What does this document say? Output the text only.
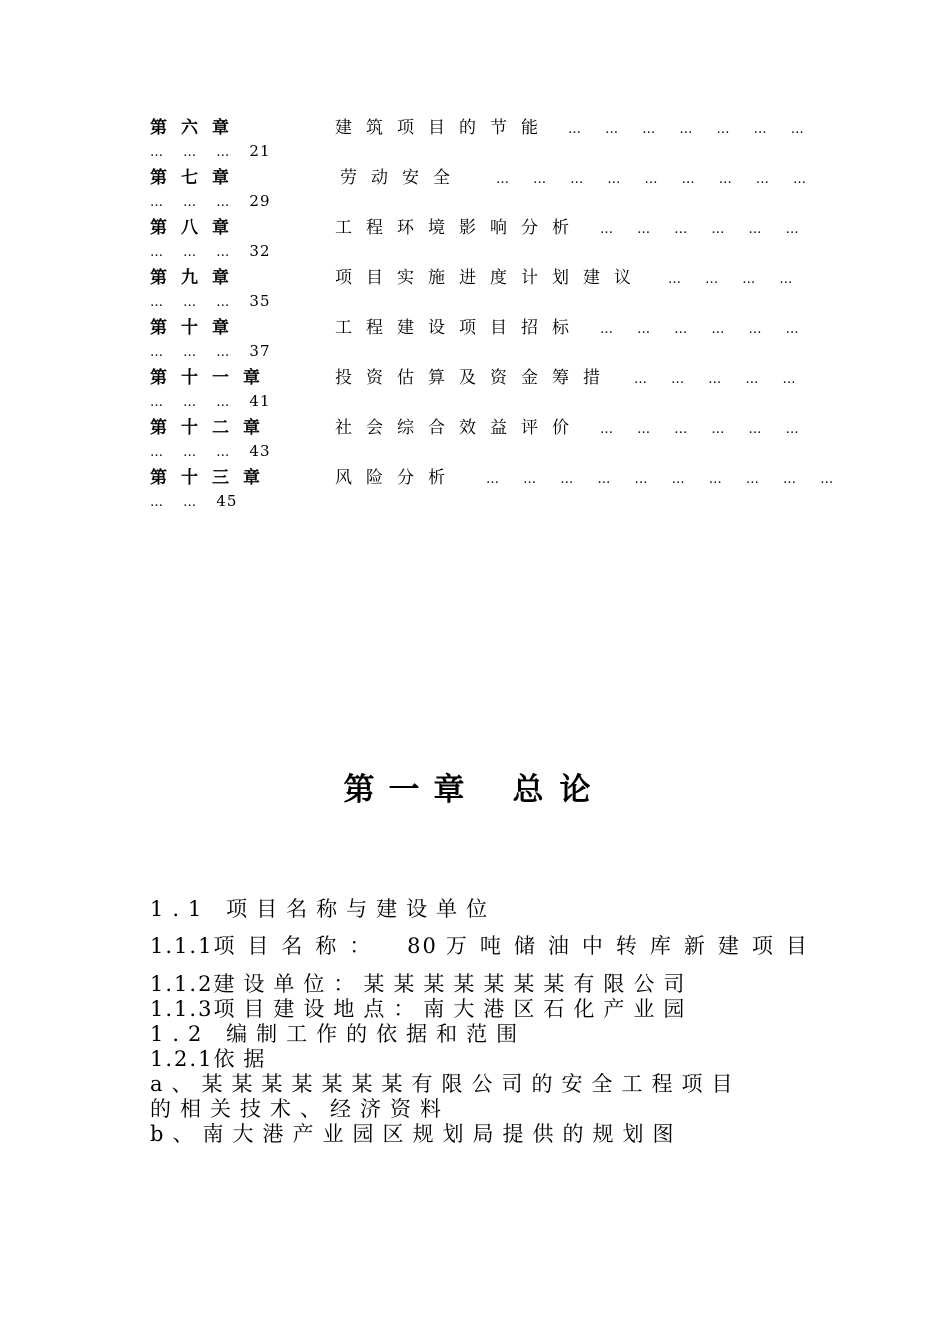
第六章	建筑项目的节能 … … … … … … …
… … … 21
第七章	劳动安全 … … … … … … … … …
… … … 29
第八章	工程环境影响分析 … … … … … …
… … … 32
第九章	项目实施进度计划建议 … … … …
… … … 35
第十章	工程建设项目招标 … … … … … …
… … … 37
第十一章	投资估算及资金筹措 … … … … …
… … … 41
第十二章	社会综合效益评价 … … … … … …
… … … 43
第十三章	风险分析 … … … … … … … … … …
… … 45
第一章 总论
1.1 项目名称与建设单位
1.1.1项目名称： 80 万吨储油中转库新建项目
1.1.2建设单位：某某某某某某某有限公司
1.1.3项目建设地点：南大港区石化产业园
1.2 编制工作的依据和范围
1.2.1依据
a、某某某某某某某有限公司的安全工程项目
的相关技术、经济资料
b、南大港产业园区规划局提供的规划图
